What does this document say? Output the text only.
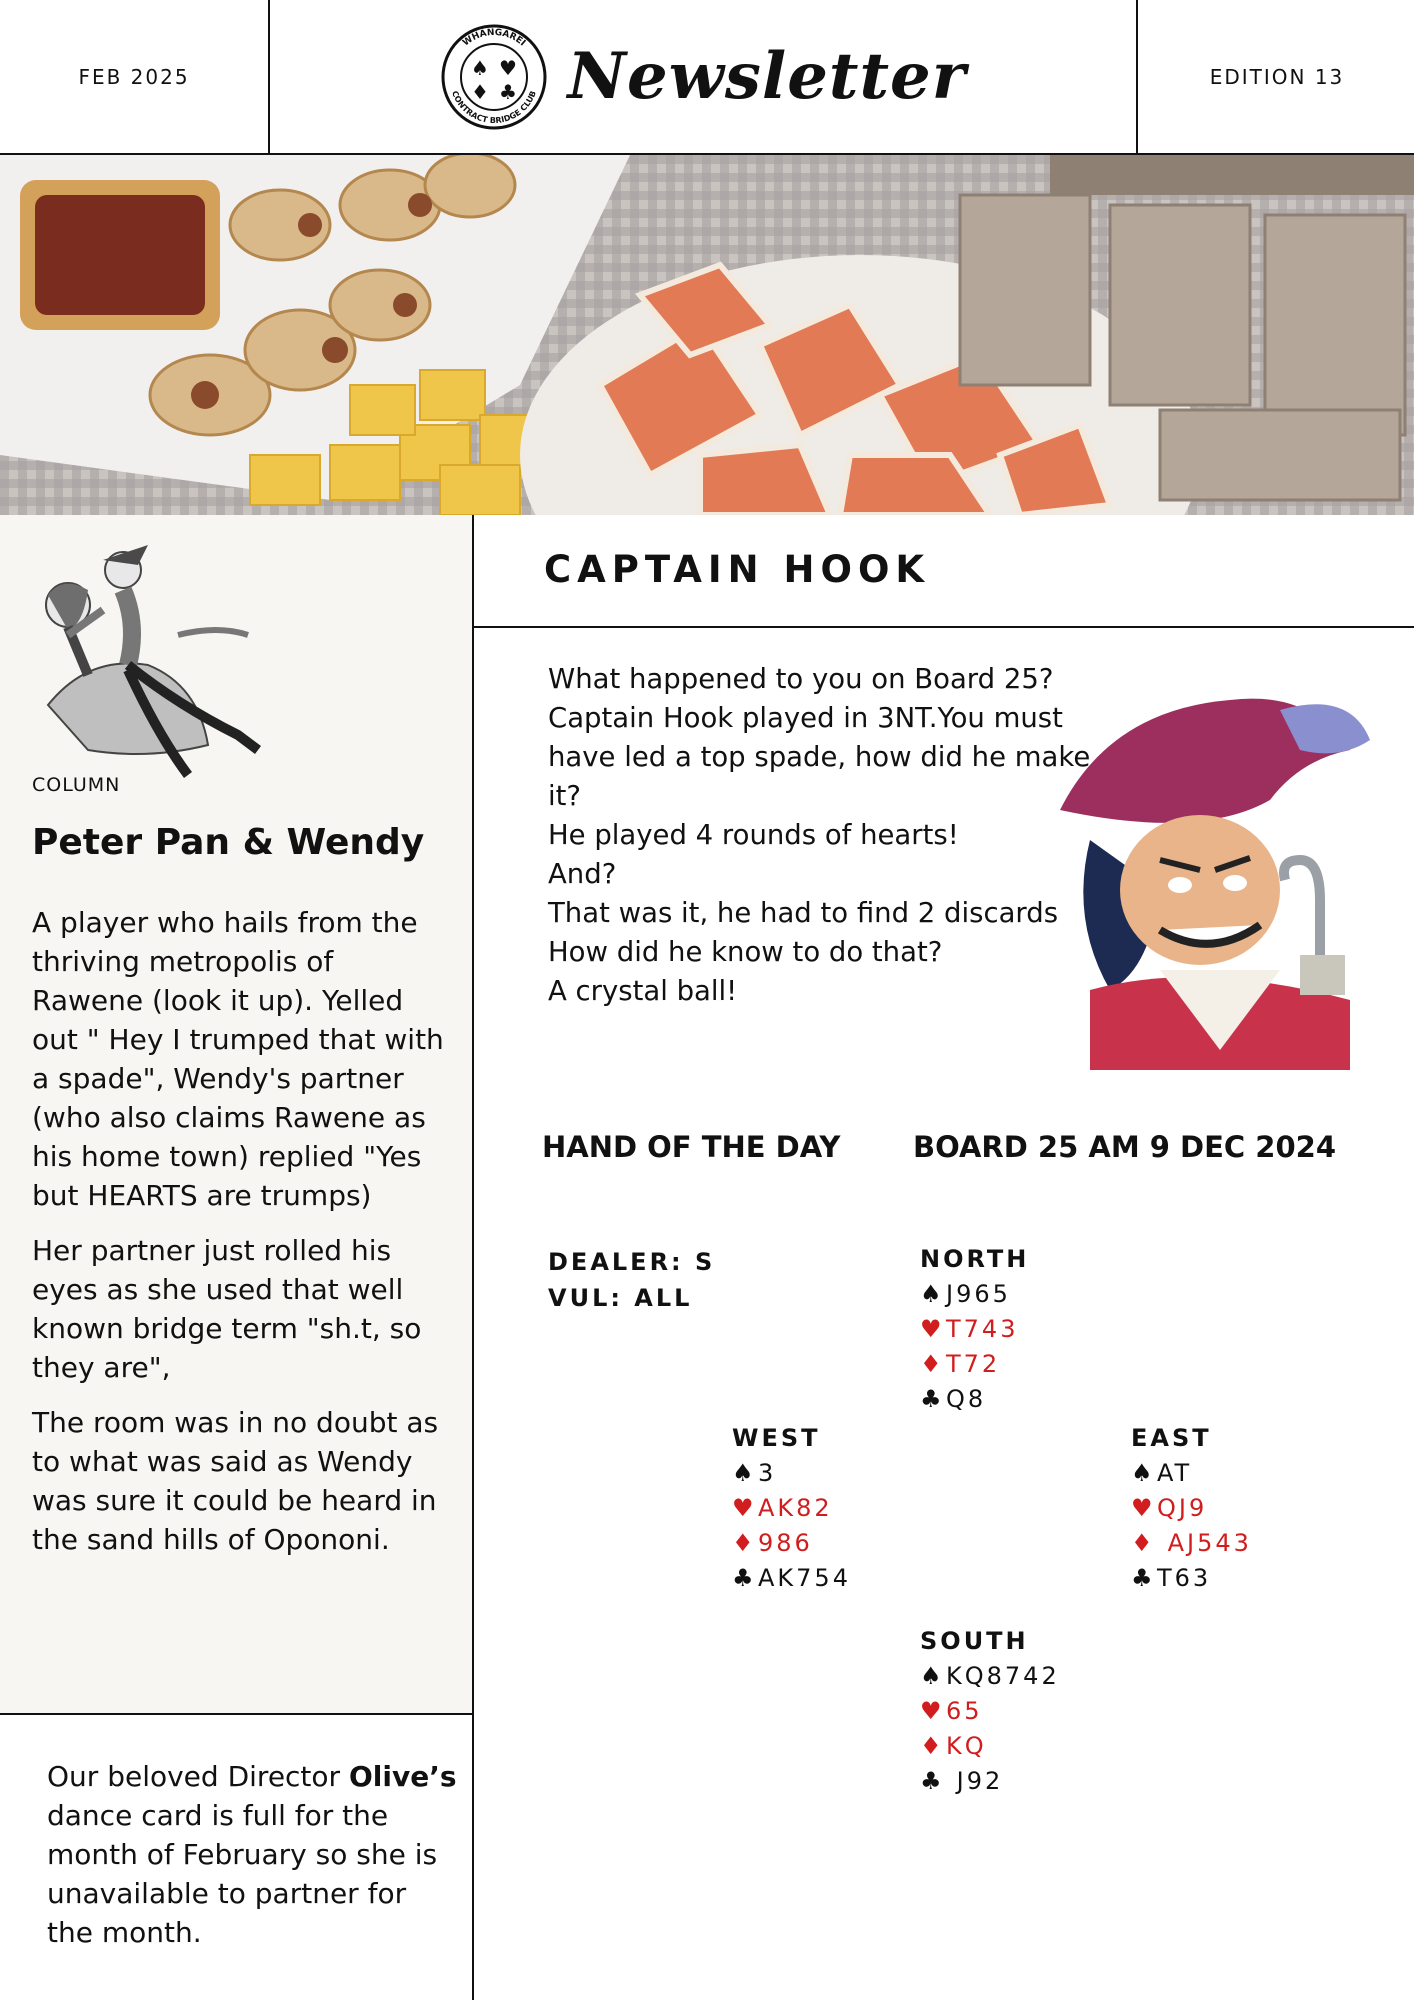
FEB 2025
WHANGAREI
CONTRACT BRIDGE CLUB
♠ ♥
♦ ♣ Newsletter	EDITION 13
COLUMN
Peter Pan & Wendy

A player who hails from the thriving metropolis of Rawene (look it up). Yelled out " Hey I trumped that with a spade", Wendy's partner (who also claims Rawene as his home town) replied "Yes but HEARTS are trumps)

Her partner just rolled his eyes as she used that well known bridge term "sh.t, so they are",

The room was in no doubt as to what was said as Wendy was sure it could be heard in the sand hills of Opononi.

Our beloved Director Olive’s dance card is full for the month of February so she is unavailable to partner for the month.
CAPTAIN HOOK
What happened to you on Board 25?
Captain Hook played in 3NT.You must
have led a top spade, how did he make
it?
He played 4 rounds of hearts!
And?
That was it, he had to find 2 discards
How did he know to do that?
A crystal ball!
HAND OF THE DAY	BOARD 25 AM 9 DEC 2024
DEALER: S
VUL: ALL
NORTH
♠J965
♥T743
♦T72
♣Q8
WEST
♠3
♥AK82
♦986
♣AK754
EAST
♠AT
♥QJ9
♦ AJ543
♣T63
SOUTH
♠KQ8742
♥65
♦KQ
♣ J92
